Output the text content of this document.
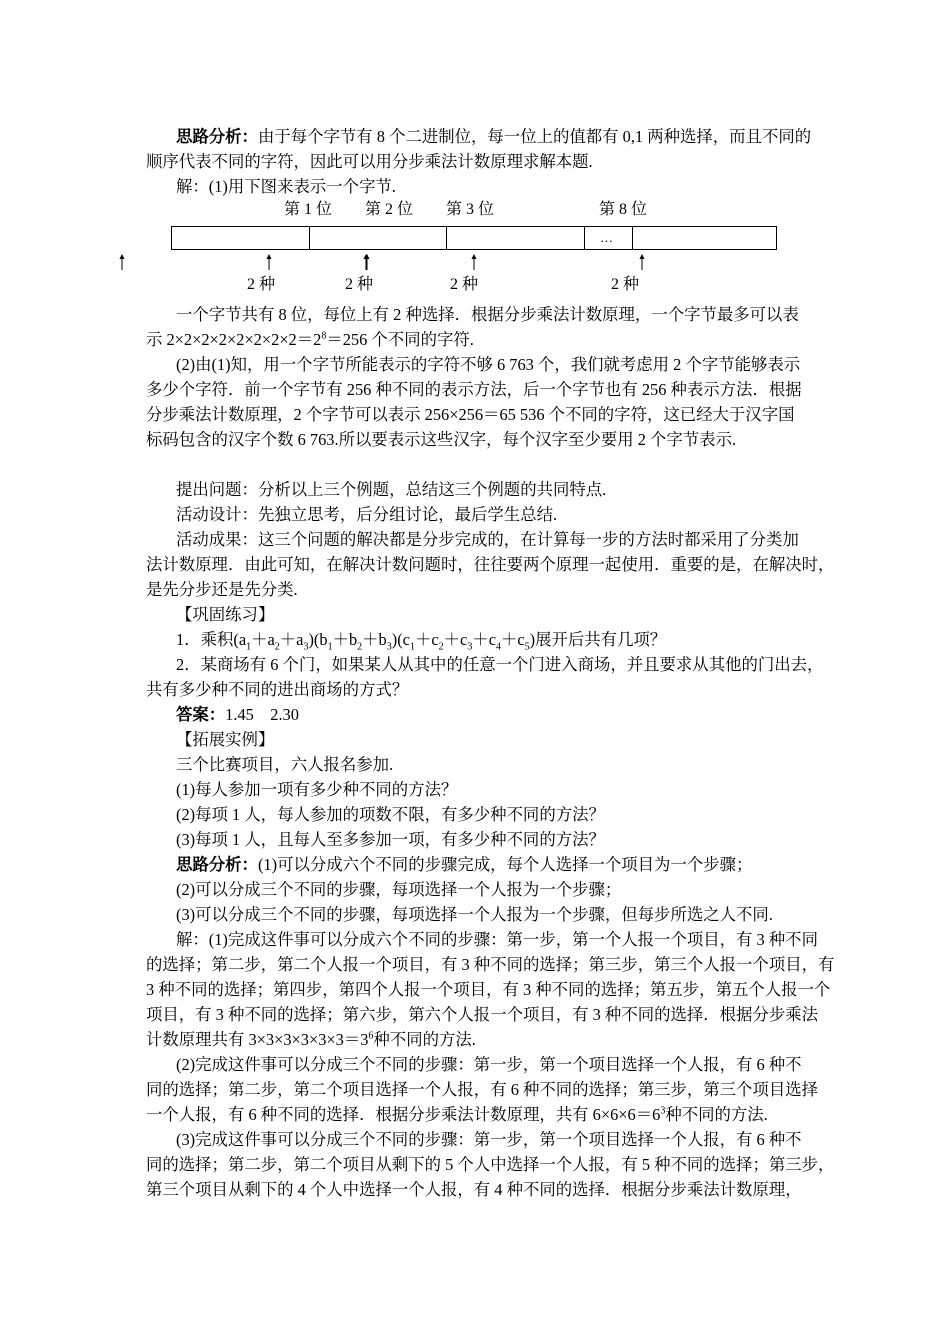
思路分析：由于每个字节有 8 个二进制位，每一位上的值都有 0,1 两种选择，而且不同的
顺序代表不同的字符，因此可以用分步乘法计数原理求解本题.
解：(1)用下图来表示一个字节.
第 1 位 第 2 位 第 3 位	第 8 位
…
2 种	2 种	2 种	2 种
一个字节共有 8 位，每位上有 2 种选择．根据分步乘法计数原理，一个字节最多可以表
示 $2\times 2\times 2\times 2\times 2\times 2\times 2\times 2=2^8=256$ 个不同的字符.
(2)由(1)知，用一个字节所能表示的字符不够 6 763 个，我们就考虑用 2 个字节能够表示
多少个字符．前一个字节有 256 种不同的表示方法，后一个字节也有 256 种表示方法．根据
分步乘法计数原理，2 个字节可以表示 256×256＝65 536 个不同的字符，这已经大于汉字国
标码包含的汉字个数 6 763.所以要表示这些汉字，每个汉字至少要用 2 个字节表示.
提出问题：分析以上三个例题，总结这三个例题的共同特点.
活动设计：先独立思考，后分组讨论，最后学生总结.
活动成果：这三个问题的解决都是分步完成的，在计算每一步的方法时都采用了分类加
法计数原理．由此可知，在解决计数问题时，往往要两个原理一起使用．重要的是，在解决时，
是先分步还是先分类.
【巩固练习】
1．乘积$(a_1+a_2+a_3)(b_1+b_2+b_3)(c_1+c_2+c_3+c_4+c_5)$展开后共有几项？
2．某商场有 6 个门，如果某人从其中的任意一个门进入商场，并且要求从其他的门出去，
共有多少种不同的进出商场的方式？
答案：1.45　2.30
【拓展实例】
三个比赛项目，六人报名参加.
(1)每人参加一项有多少种不同的方法？
(2)每项 1 人，每人参加的项数不限，有多少种不同的方法？
(3)每项 1 人，且每人至多参加一项，有多少种不同的方法？
思路分析：(1)可以分成六个不同的步骤完成，每个人选择一个项目为一个步骤；
(2)可以分成三个不同的步骤，每项选择一个人报为一个步骤；
(3)可以分成三个不同的步骤，每项选择一个人报为一个步骤，但每步所选之人不同.
解：(1)完成这件事可以分成六个不同的步骤：第一步，第一个人报一个项目，有 3 种不同
的选择；第二步，第二个人报一个项目，有 3 种不同的选择；第三步，第三个人报一个项目，有
3 种不同的选择；第四步，第四个人报一个项目，有 3 种不同的选择；第五步，第五个人报一个
项目，有 3 种不同的选择；第六步，第六个人报一个项目，有 3 种不同的选择．根据分步乘法
计数原理共有 $3\times 3\times 3\times 3\times 3\times 3=3^6$种不同的方法.
(2)完成这件事可以分成三个不同的步骤：第一步，第一个项目选择一个人报，有 6 种不
同的选择；第二步，第二个项目选择一个人报，有 6 种不同的选择；第三步，第三个项目选择
一个人报，有 6 种不同的选择．根据分步乘法计数原理，共有 $6\times 6\times 6=6^3$种不同的方法.
(3)完成这件事可以分成三个不同的步骤：第一步，第一个项目选择一个人报，有 6 种不
同的选择；第二步，第二个项目从剩下的 5 个人中选择一个人报，有 5 种不同的选择；第三步，
第三个项目从剩下的 4 个人中选择一个人报，有 4 种不同的选择．根据分步乘法计数原理，
